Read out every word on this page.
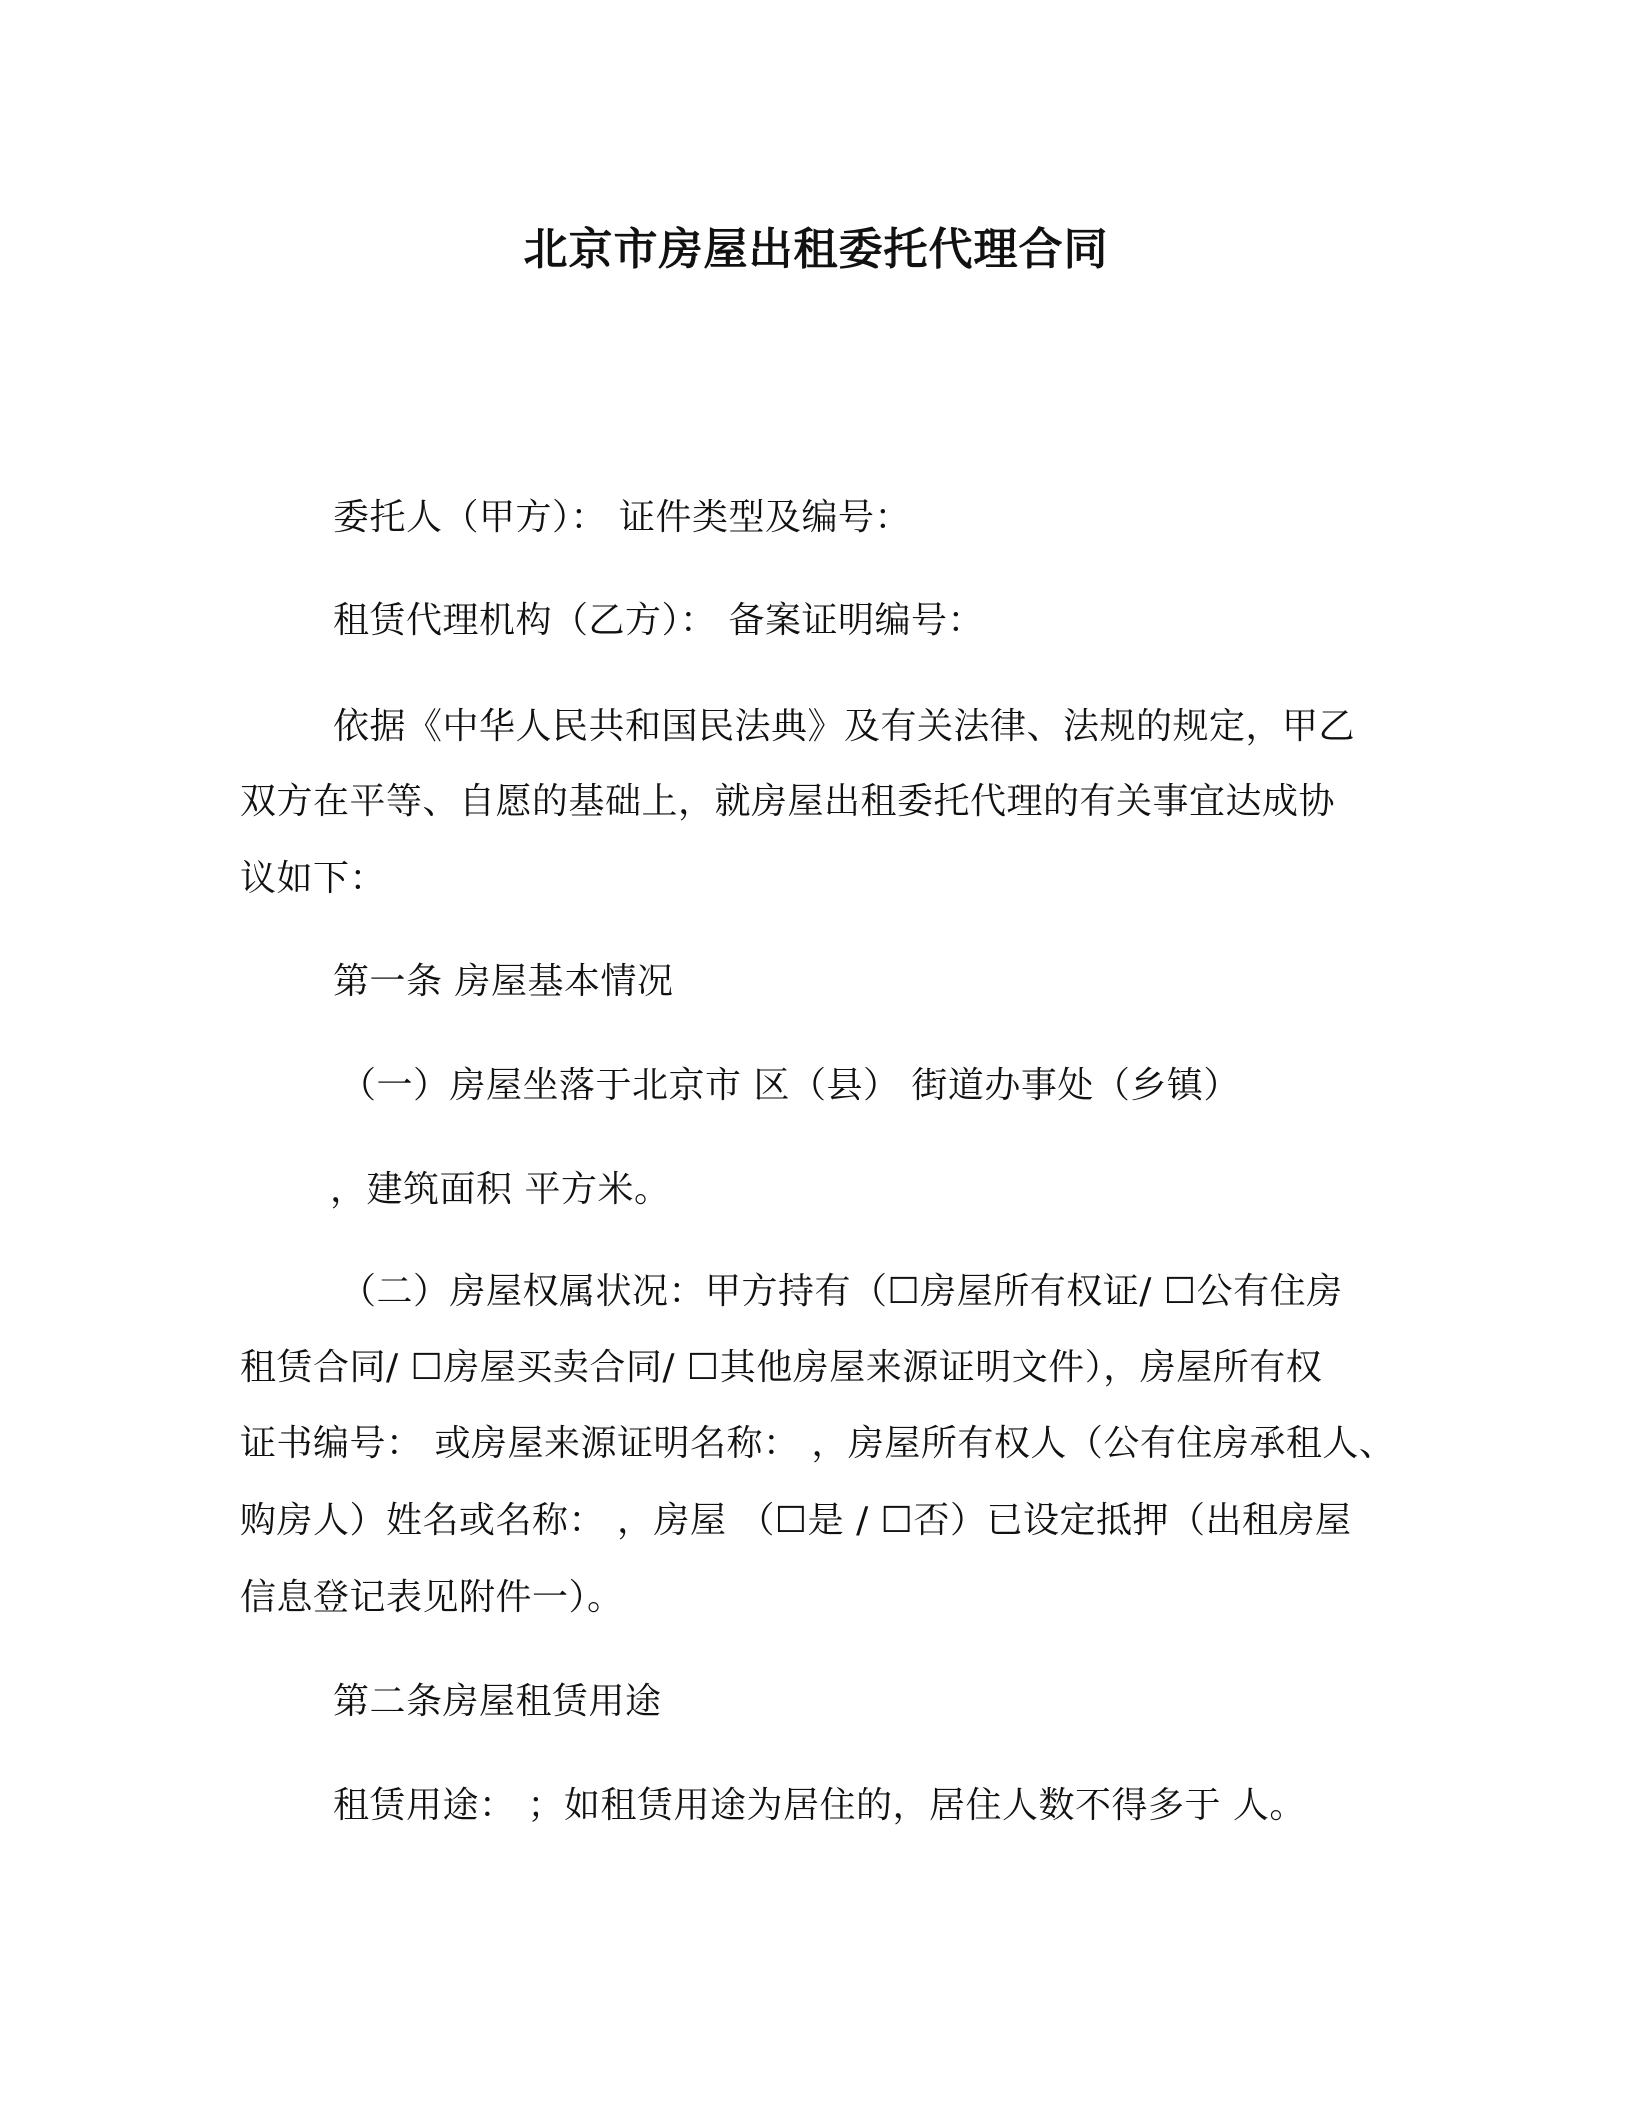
北京市房屋出租委托代理合同
委托人（甲方）： 证件类型及编号：
租赁代理机构（乙方）： 备案证明编号：
依据《中华人民共和国民法典》及有关法律、法规的规定，甲乙
双方在平等、自愿的基础上，就房屋出租委托代理的有关事宜达成协
议如下：
第一条 房屋基本情况
（一）房屋坐落于北京市 区（县） 街道办事处（乡镇）
，建筑面积 平方米。
（二）房屋权属状况：甲方持有（☐房屋所有权证/ ☐公有住房
租赁合同/ ☐房屋买卖合同/ ☐其他房屋来源证明文件），房屋所有权
证书编号： 或房屋来源证明名称： ，房屋所有权人（公有住房承租人、
购房人）姓名或名称： ，房屋 （☐是 / ☐否）已设定抵押（出租房屋
信息登记表见附件一）。
第二条房屋租赁用途
租赁用途： ；如租赁用途为居住的，居住人数不得多于 人。
